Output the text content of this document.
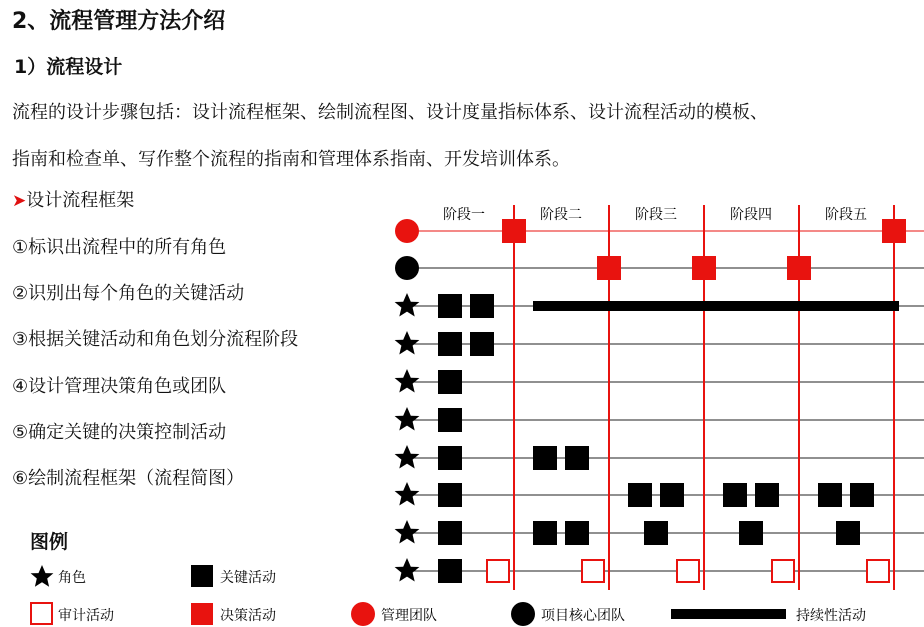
2、流程管理方法介绍
1）流程设计
流程的设计步骤包括：设计流程框架、绘制流程图、设计度量指标体系、设计流程活动的模板、
指南和检查单、写作整个流程的指南和管理体系指南、开发培训体系。
➤设计流程框架
①标识出流程中的所有角色
②识别出每个角色的关键活动
③根据关键活动和角色划分流程阶段
④设计管理决策角色或团队
⑤确定关键的决策控制活动
⑥绘制流程框架（流程简图）
图例
阶段一	阶段二	阶段三	阶段四	阶段五
角色	关键活动
审计活动	决策活动	管理团队	项目核心团队	持续性活动
